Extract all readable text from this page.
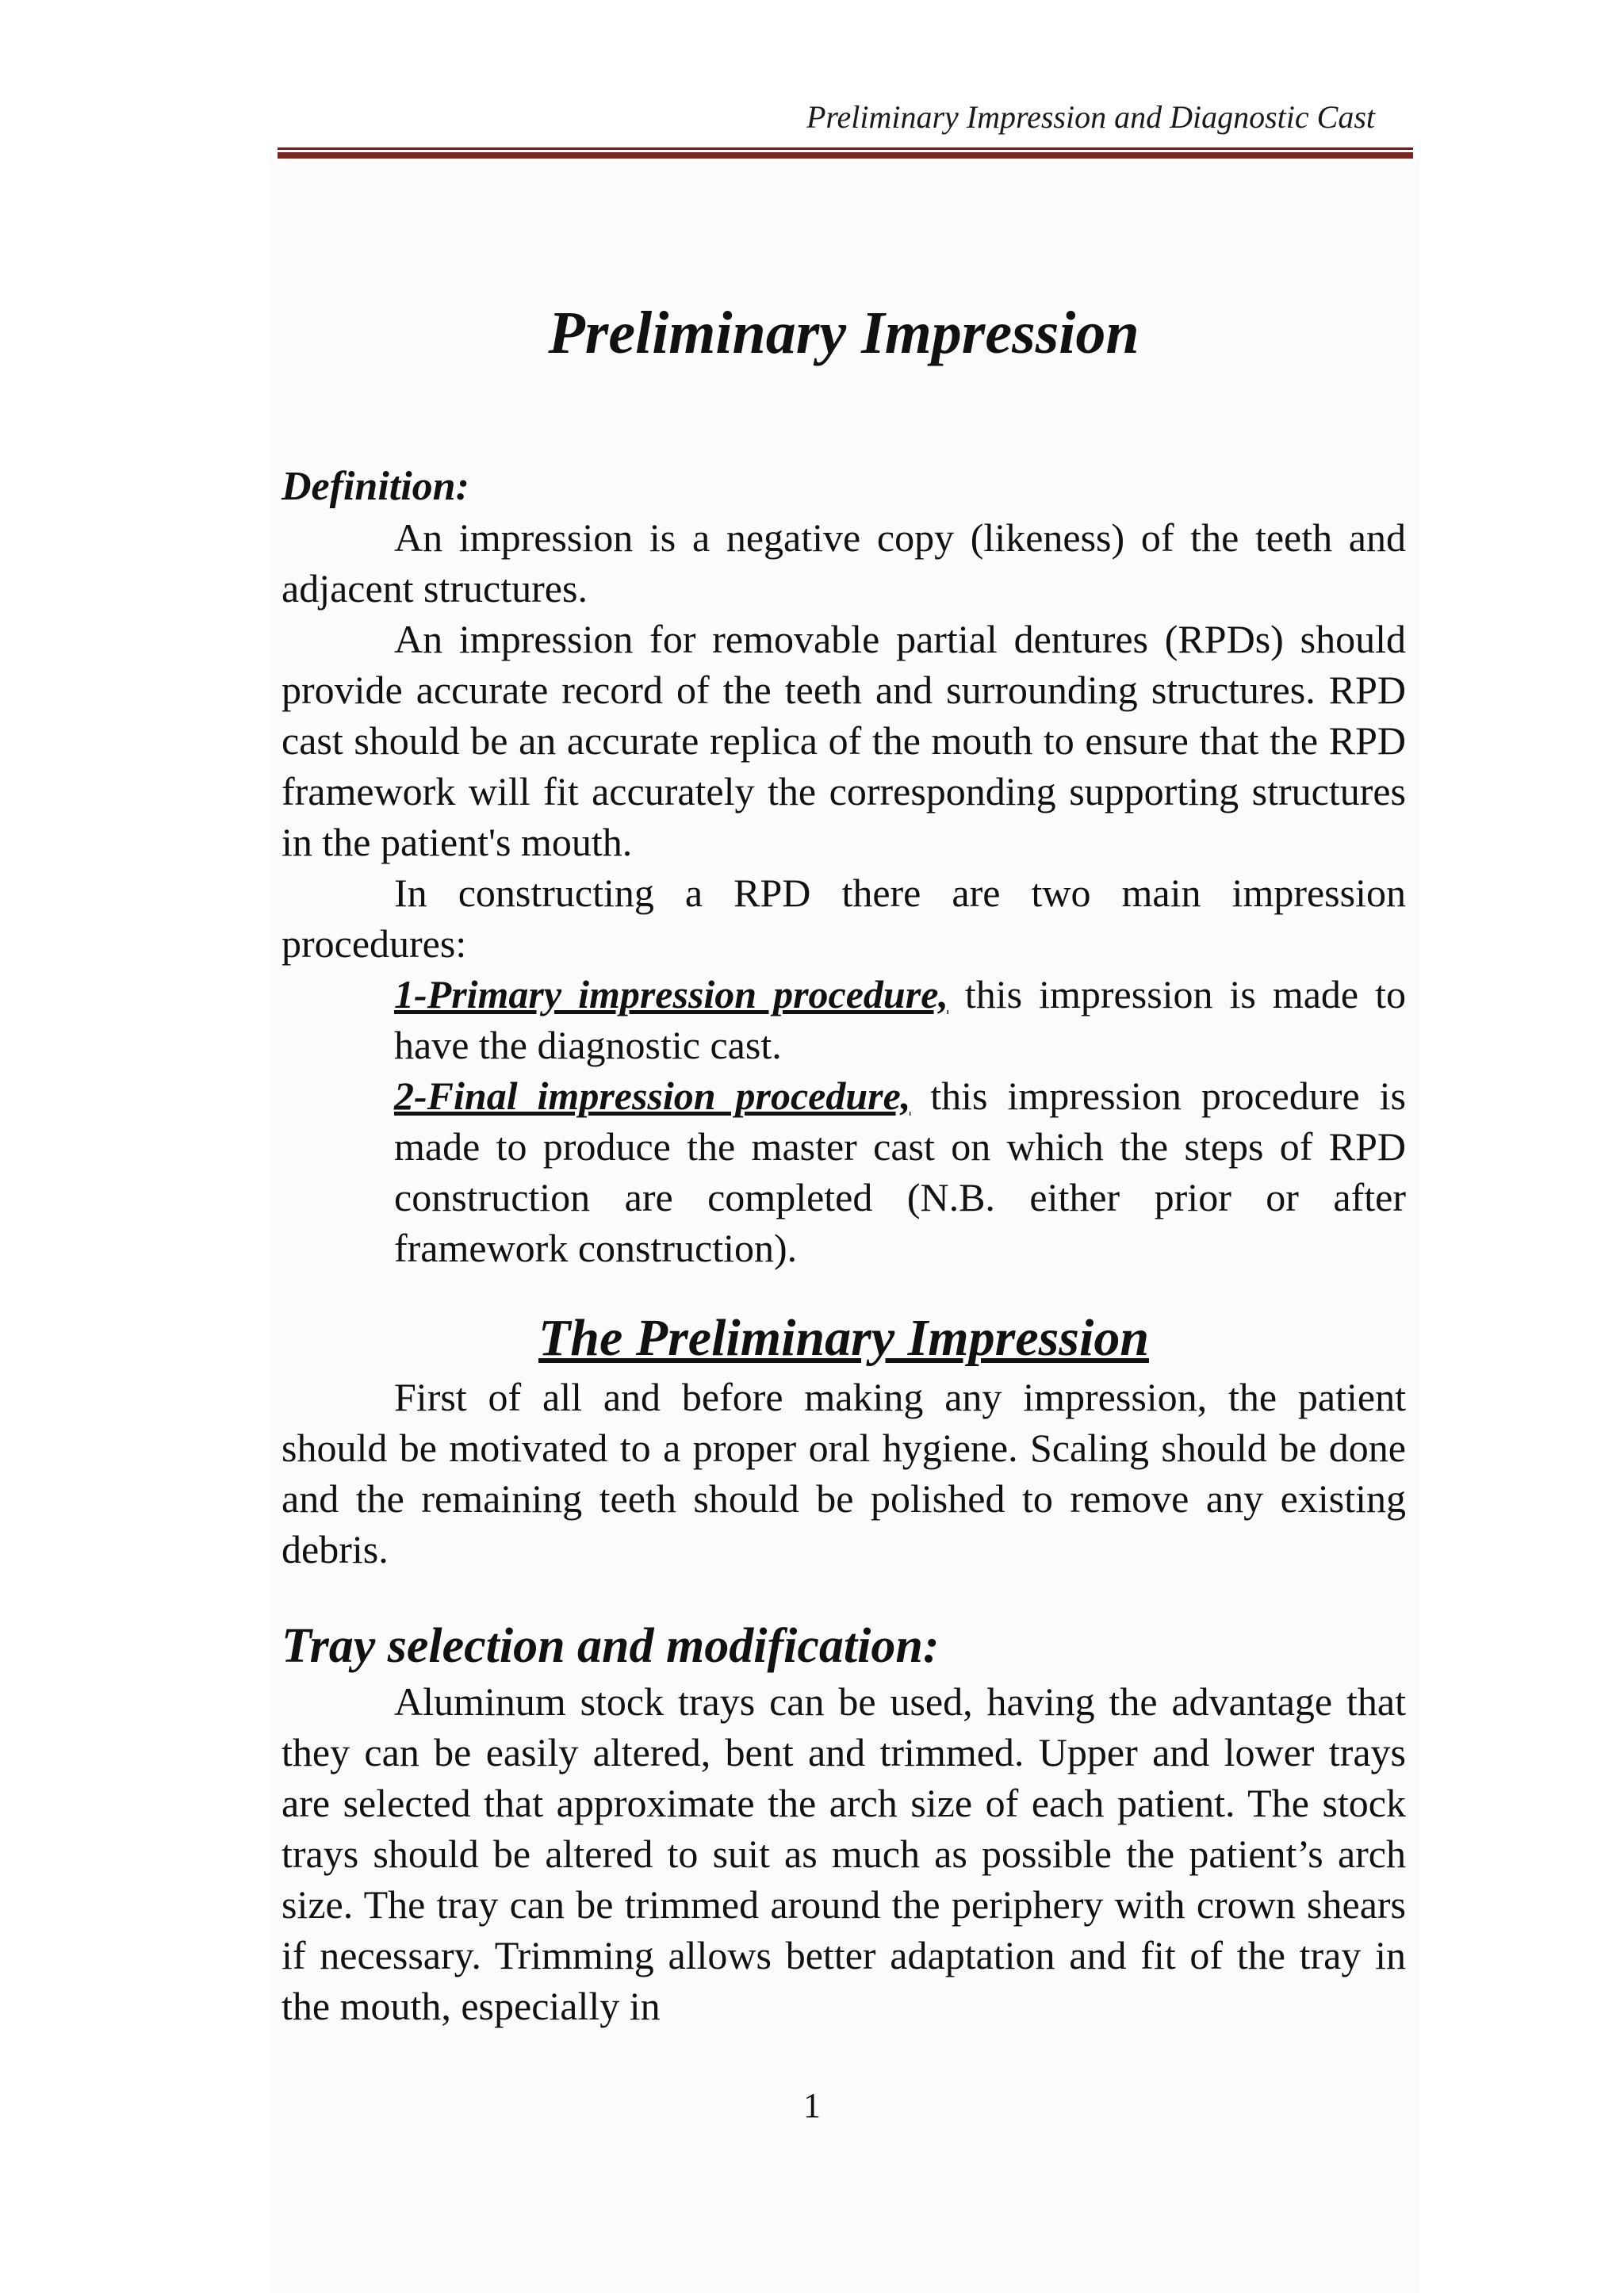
Preliminary Impression and Diagnostic Cast
Preliminary Impression
Definition:

An impression is a negative copy (likeness) of the teeth and adjacent structures.

An impression for removable partial dentures (RPDs) should provide accurate record of the teeth and surrounding structures. RPD cast should be an accurate replica of the mouth to ensure that the RPD framework will fit accurately the corresponding supporting structures in the patient's mouth.

In constructing a RPD there are two main impression procedures:

1-Primary impression procedure, this impression is made to have the diagnostic cast.
2-Final impression procedure, this impression procedure is made to produce the master cast on which the steps of RPD construction are completed (N.B. either prior or after framework construction).
The Preliminary Impression

First of all and before making any impression, the patient should be motivated to a proper oral hygiene. Scaling should be done and the remaining teeth should be polished to remove any existing debris.

Tray selection and modification:

Aluminum stock trays can be used, having the advantage that they can be easily altered, bent and trimmed. Upper and lower trays are selected that approximate the arch size of each patient. The stock trays should be altered to suit as much as possible the patient’s arch size. The tray can be trimmed around the periphery with crown shears if necessary. Trimming allows better adaptation and fit of the tray in the mouth, especially in

1
